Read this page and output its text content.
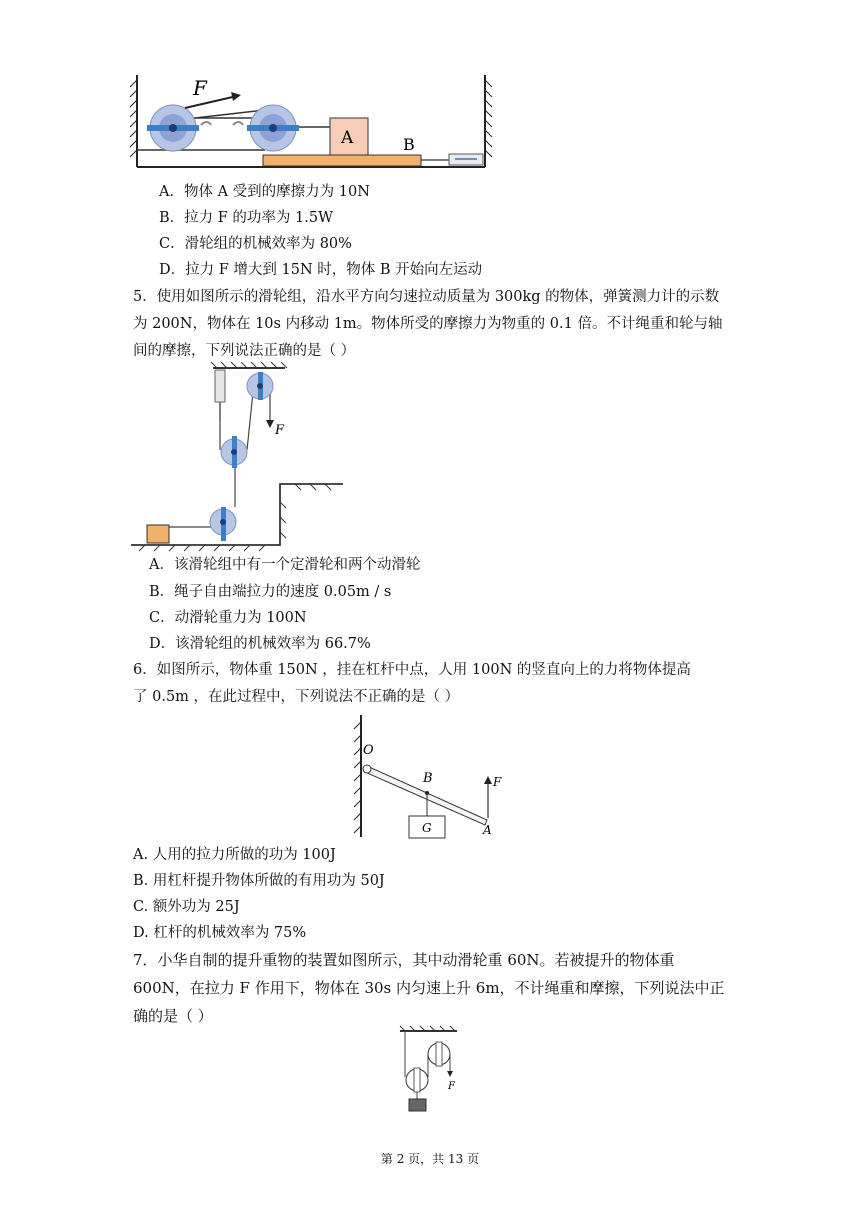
F
A	B
A．物体 A 受到的摩擦力为 10N
B．拉力 F 的功率为 1.5W
C．滑轮组的机械效率为 80%
D．拉力 F 增大到 15N 时，物体 B 开始向左运动
5．使用如图所示的滑轮组，沿水平方向匀速拉动质量为 300kg 的物体，弹簧测力计的示数
为 200N，物体在 10s 内移动 1m。物体所受的摩擦力为物重的 0.1 倍。不计绳重和轮与轴
间的摩擦，下列说法正确的是（ ）
F
A．该滑轮组中有一个定滑轮和两个动滑轮
B．绳子自由端拉力的速度 0.05m / s
C．动滑轮重力为 100N
D．该滑轮组的机械效率为 66.7%
6．如图所示，物体重 150N ，挂在杠杆中点，人用 100N 的竖直向上的力将物体提高
了 0.5m ，在此过程中，下列说法不正确的是（ ）
O
B
G
F
A
A. 人用的拉力所做的功为 100J
B. 用杠杆提升物体所做的有用功为 50J
C. 额外功为 25J
D. 杠杆的机械效率为 75%
7．小华自制的提升重物的装置如图所示，其中动滑轮重 60N。若被提升的物体重
600N，在拉力 F 作用下，物体在 30s 内匀速上升 6m，不计绳重和摩擦，下列说法中正
确的是（ ）
F
第 2 页，共 13 页
